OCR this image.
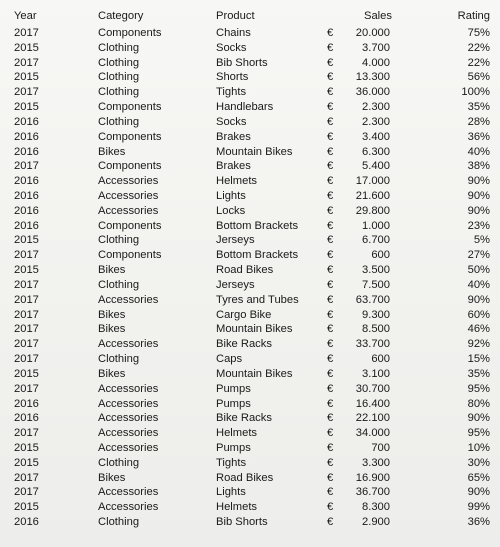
Year	Category	Product	Sales	Rating
2017	Components	Chains	€ 20.000	75%
2015	Clothing	Socks	€	3.700	22%
2017	Clothing	Bib Shorts	€	4.000	22%
2015	Clothing	Shorts	€ 13.300	56%
2017	Clothing	Tights	€ 36.000	100%
2015	Components	Handlebars	€	2.300	35%
2016	Clothing	Socks	€	2.300	28%
2016	Components	Brakes	€	3.400	36%
2016	Bikes	Mountain Bikes	€	6.300	40%
2017	Components	Brakes	€	5.400	38%
2016	Accessories	Helmets	€ 17.000	90%
2016	Accessories	Lights	€ 21.600	90%
2016	Accessories	Locks	€ 29.800	90%
2016	Components	Bottom Brackets	€	1.000	23%
2015	Clothing	Jerseys	€	6.700	5%
2017	Components	Bottom Brackets	€	600	27%
2015	Bikes	Road Bikes	€	3.500	50%
2017	Clothing	Jerseys	€	7.500	40%
2017	Accessories	Tyres and Tubes	€ 63.700	90%
2017	Bikes	Cargo Bike	€	9.300	60%
2017	Bikes	Mountain Bikes	€	8.500	46%
2017	Accessories	Bike Racks	€ 33.700	92%
2017	Clothing	Caps	€	600	15%
2015	Bikes	Mountain Bikes	€	3.100	35%
2017	Accessories	Pumps	€ 30.700	95%
2016	Accessories	Pumps	€ 16.400	80%
2016	Accessories	Bike Racks	€ 22.100	90%
2017	Accessories	Helmets	€ 34.000	95%
2015	Accessories	Pumps	€	700	10%
2015	Clothing	Tights	€	3.300	30%
2017	Bikes	Road Bikes	€ 16.900	65%
2017	Accessories	Lights	€ 36.700	90%
2015	Accessories	Helmets	€	8.300	99%
2016	Clothing	Bib Shorts	€	2.900	36%
